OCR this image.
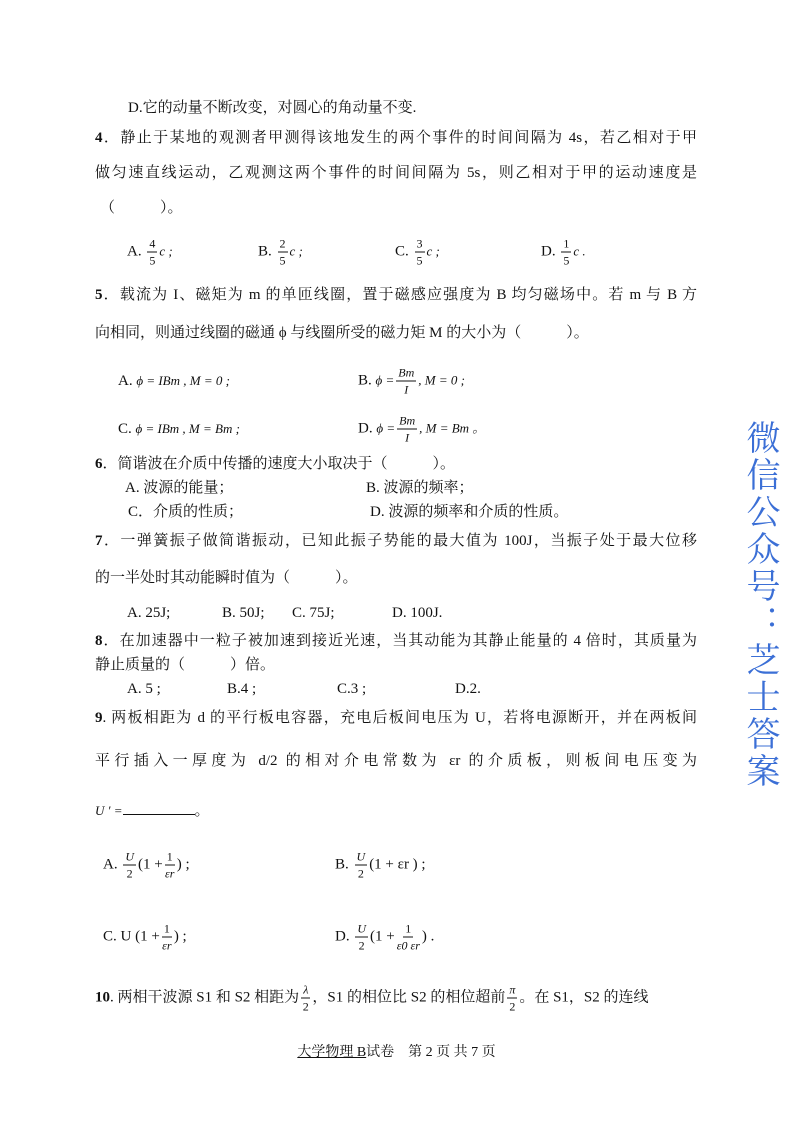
D.它的动量不断改变，对圆心的角动量不变.
4．静止于某地的观测者甲测得该地发生的两个事件的时间间隔为 4s，若乙相对于甲
做匀速直线运动，乙观测这两个事件的时间间隔为 5s，则乙相对于甲的运动速度是
（　　　）。
A. $\frac{4}{5}$ c ;	B. $\frac{2}{5}$ c ;	C. $\frac{3}{5}$ c ;	D. $\frac{1}{5}$ c .
5．载流为 I、磁矩为 m 的单匝线圈，置于磁感应强度为 B 均匀磁场中。若 m 与 B 方
向相同，则通过线圈的磁通 ϕ 与线圈所受的磁力矩 M 的大小为（　　　）。
A. ϕ = IBm , M = 0 ;	B. $\phi = \frac{Bm}{I}$ , M = 0 ;
C. ϕ = IBm , M = Bm ;	D. $\phi = \frac{Bm}{I}$ , M = Bm 。
6．简谐波在介质中传播的速度大小取决于（　　　）。
A. 波源的能量；	B. 波源的频率；
C．介质的性质；	D. 波源的频率和介质的性质。
7．一弹簧振子做简谐振动，已知此振子势能的最大值为 100J，当振子处于最大位移
的一半处时其动能瞬时值为（　　　）。
A. 25J;	B. 50J; C. 75J;	D. 100J.
8．在加速器中一粒子被加速到接近光速，当其动能为其静止能量的 4 倍时，其质量为
静止质量的（　　　）倍。
A. 5 ;	B.4 ;	C.3 ;	D.2.
9. 两板相距为 d 的平行板电容器，充电后板间电压为 U，若将电源断开，并在两板间
平行插入一厚度为 d/2 的相对介电常数为 εr 的介质板，则板间电压变为
U ′ =	。
A. $\frac{U}{2} (1 + \frac{1}{\varepsilon r}$ ) ;	B. $\frac{U}{2} (1 + \varepsilon r$ ) ;
C. U ($1 + \frac{1}{\varepsilon r}$ ) ;	D. $\frac{U}{2} (1 + \frac{1}{\varepsilon 0 \varepsilon r}$ ) .
10. 两相干波源 S1 和 S2 相距为 $\frac{\lambda}{2}$ ，S1 的相位比 S2 的相位超前 $\frac{\pi}{2}$ 。在 S1，S2 的连线
大学物理 B试卷　第 2 页 共 7 页
微信公众号：芝士答案
